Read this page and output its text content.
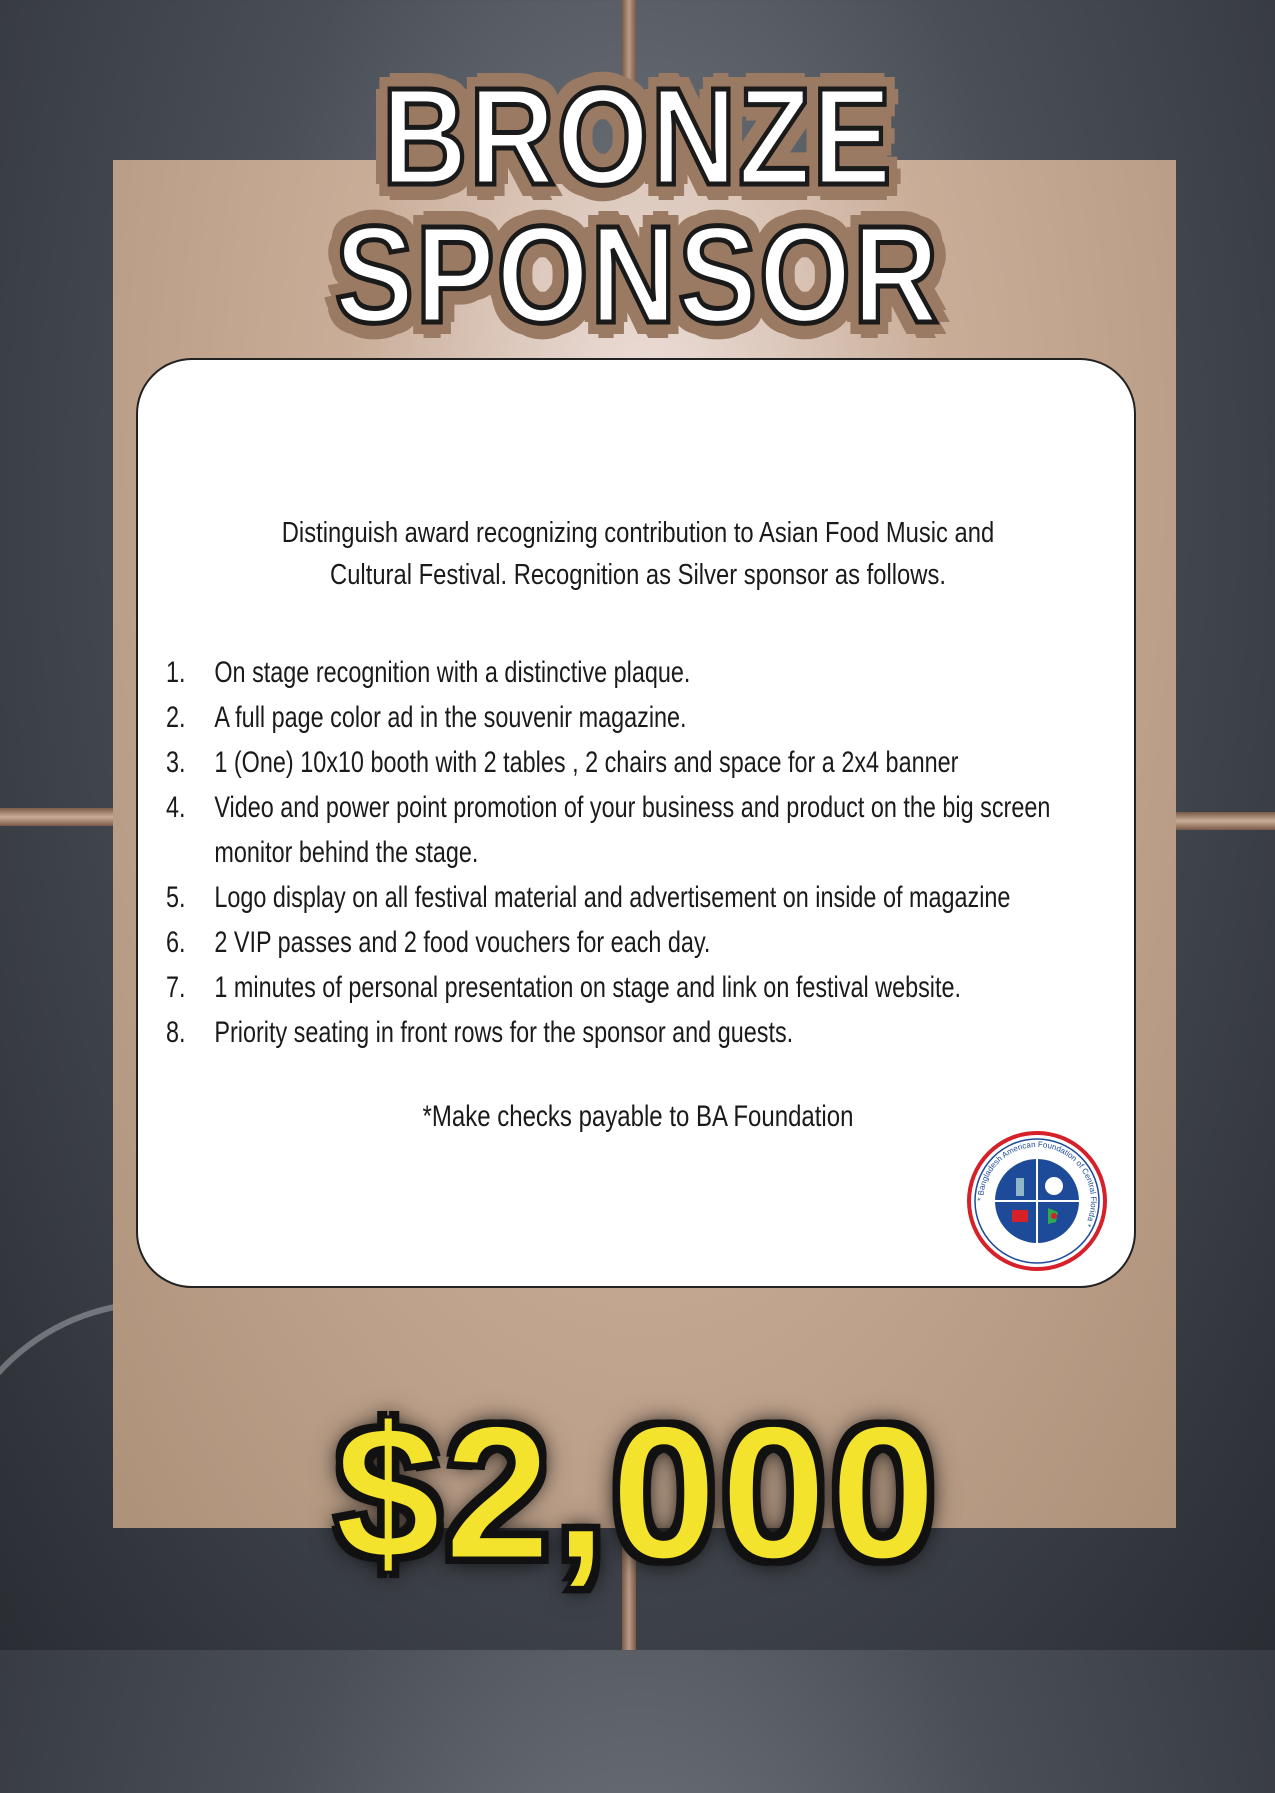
BRONZE SPONSOR
Distinguish award recognizing contribution to Asian Food Music and Cultural Festival. Recognition as Silver sponsor as follows.
1. On stage recognition with a distinctive plaque.
2. A full page color ad in the souvenir magazine.
3. 1 (One) 10x10 booth with 2 tables , 2 chairs and space for a 2x4 banner
4. Video and power point promotion of your business and product on the big screen monitor behind the stage.
5. Logo display on all festival material and advertisement on inside of magazine
6. 2 VIP passes and 2 food vouchers for each day.
7. 1 minutes of personal presentation on stage and link on festival website.
8. Priority seating in front rows for the sponsor and guests.
*Make checks payable to BA Foundation
* Bangladesh American Foundation of Central Florida *
$2,000
